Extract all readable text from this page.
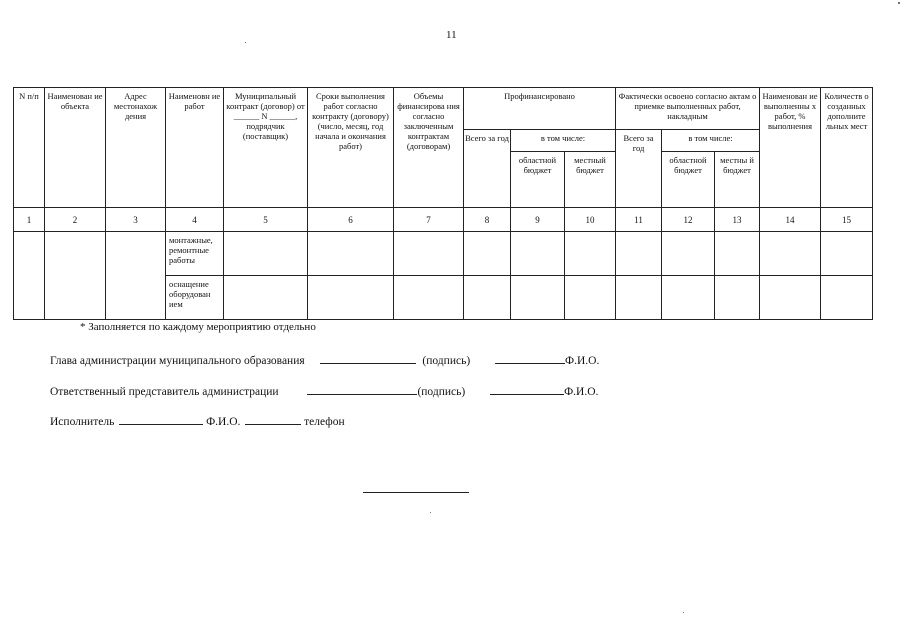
11
N п/п	Наименован ие объекта	Адрес местонахож дения	Наименовн ие работ	Муниципальный контракт (договор) от ______ N ______, подрядчик (поставщик)	Сроки выполнения работ согласно контракту (договору) (число, месяц, год начала и окончания работ)	Объемы финансирова ния согласно заключенным контрактам (договорам)	Профинансировано			Фактически освоено согласно актам о приемке выполненных работ, накладным			Наименован ие выполненны х работ, % выполнения	Количеств о созданных дополните льных мест
							Всего за год	в том числе:		Всего за год	в том числе:			
								областной бюджет	местный бюджет		областной бюджет	местны й бюджет		
1	2	3	4	5	6	7	8	9	10	11	12	13	14	15
			монтажные, ремонтные работы											
			оснащение оборудован ием											
* Заполняется по каждому мероприятию отдельно
Глава администрации муниципального образования	(подпись)	Ф.И.О.
Ответственный представитель администрации	(подпись)	Ф.И.О.
Исполнитель	Ф.И.О.	телефон
